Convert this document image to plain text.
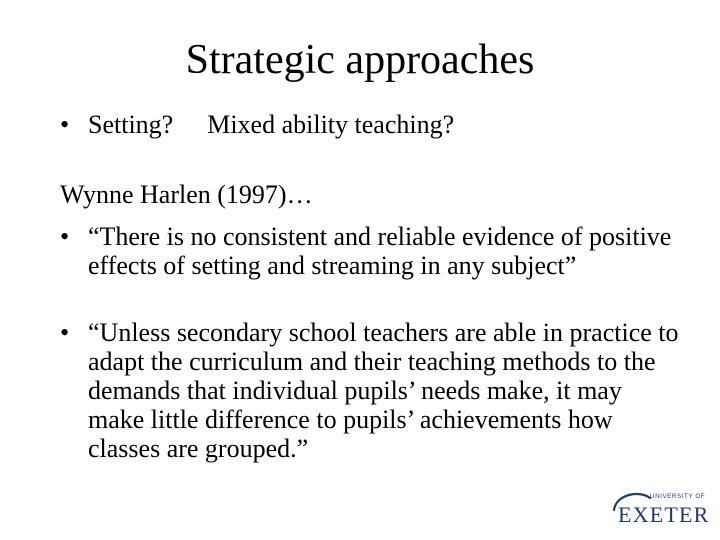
Strategic approaches
• Setting? Mixed ability teaching?
Wynne Harlen (1997)…
• “There is no consistent and reliable evidence of positive effects of setting and streaming in any subject”
• “Unless secondary school teachers are able in practice to adapt the curriculum and their teaching methods to the demands that individual pupils’ needs make, it may make little difference to pupils’ achievements how classes are grouped.”
UNIVERSITY OF
EXETER
